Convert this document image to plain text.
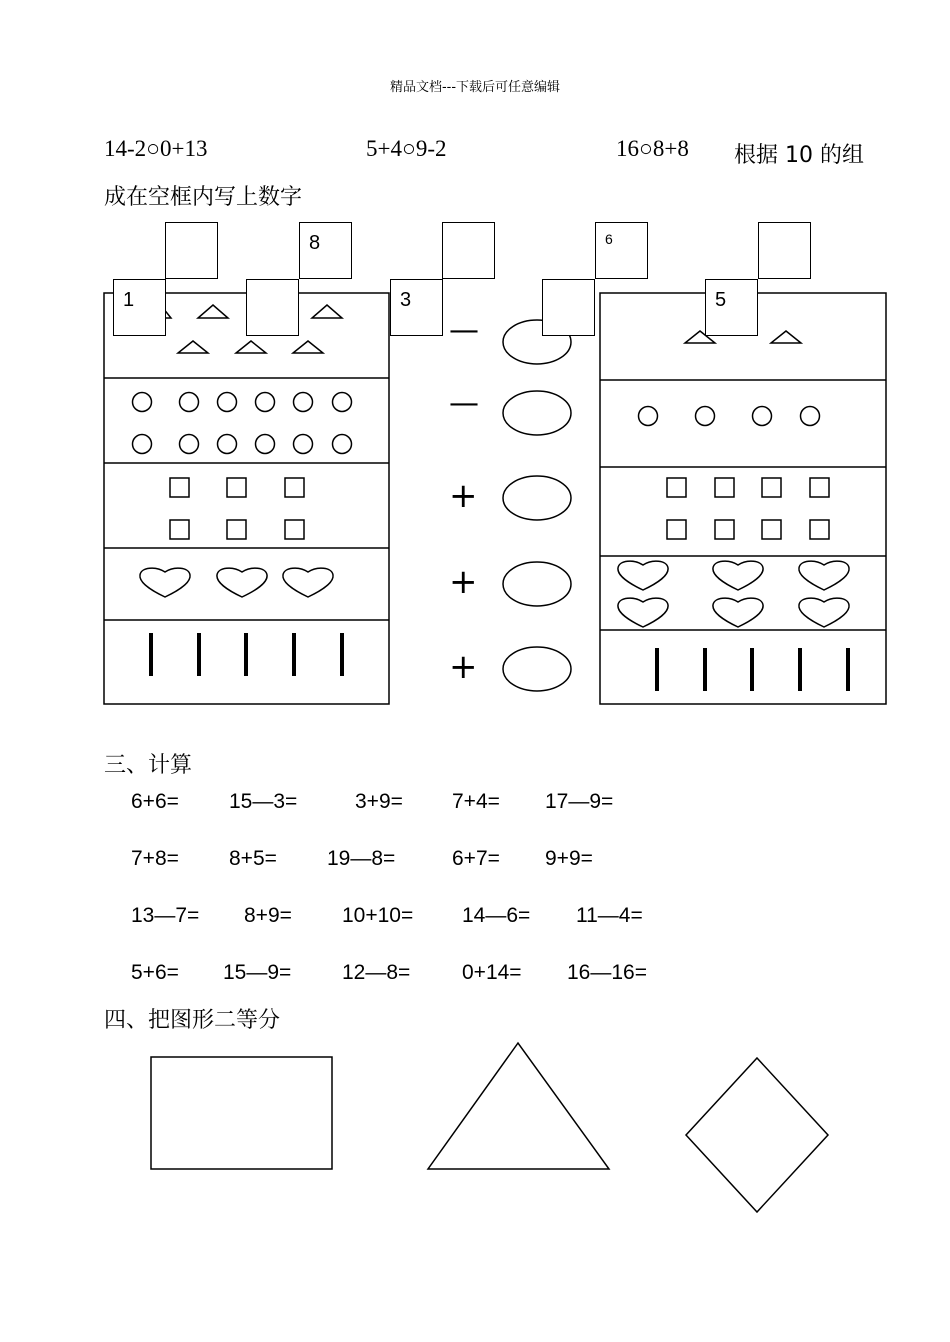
精品文档---下载后可任意编辑
14-2○0+13	5+4○9-2	16○8+8 根据 10 的组
成在空框内写上数字
8	6
1	3	5
—
—
+
+
+
三、计算
6+6= 15—3=	3+9= 7+4= 17—9=
7+8= 8+5= 19—8=	6+7= 9+9=
13—7= 8+9= 10+10= 14—6= 11—4=
5+6= 15—9= 12—8= 0+14= 16—16=
四、把图形二等分
